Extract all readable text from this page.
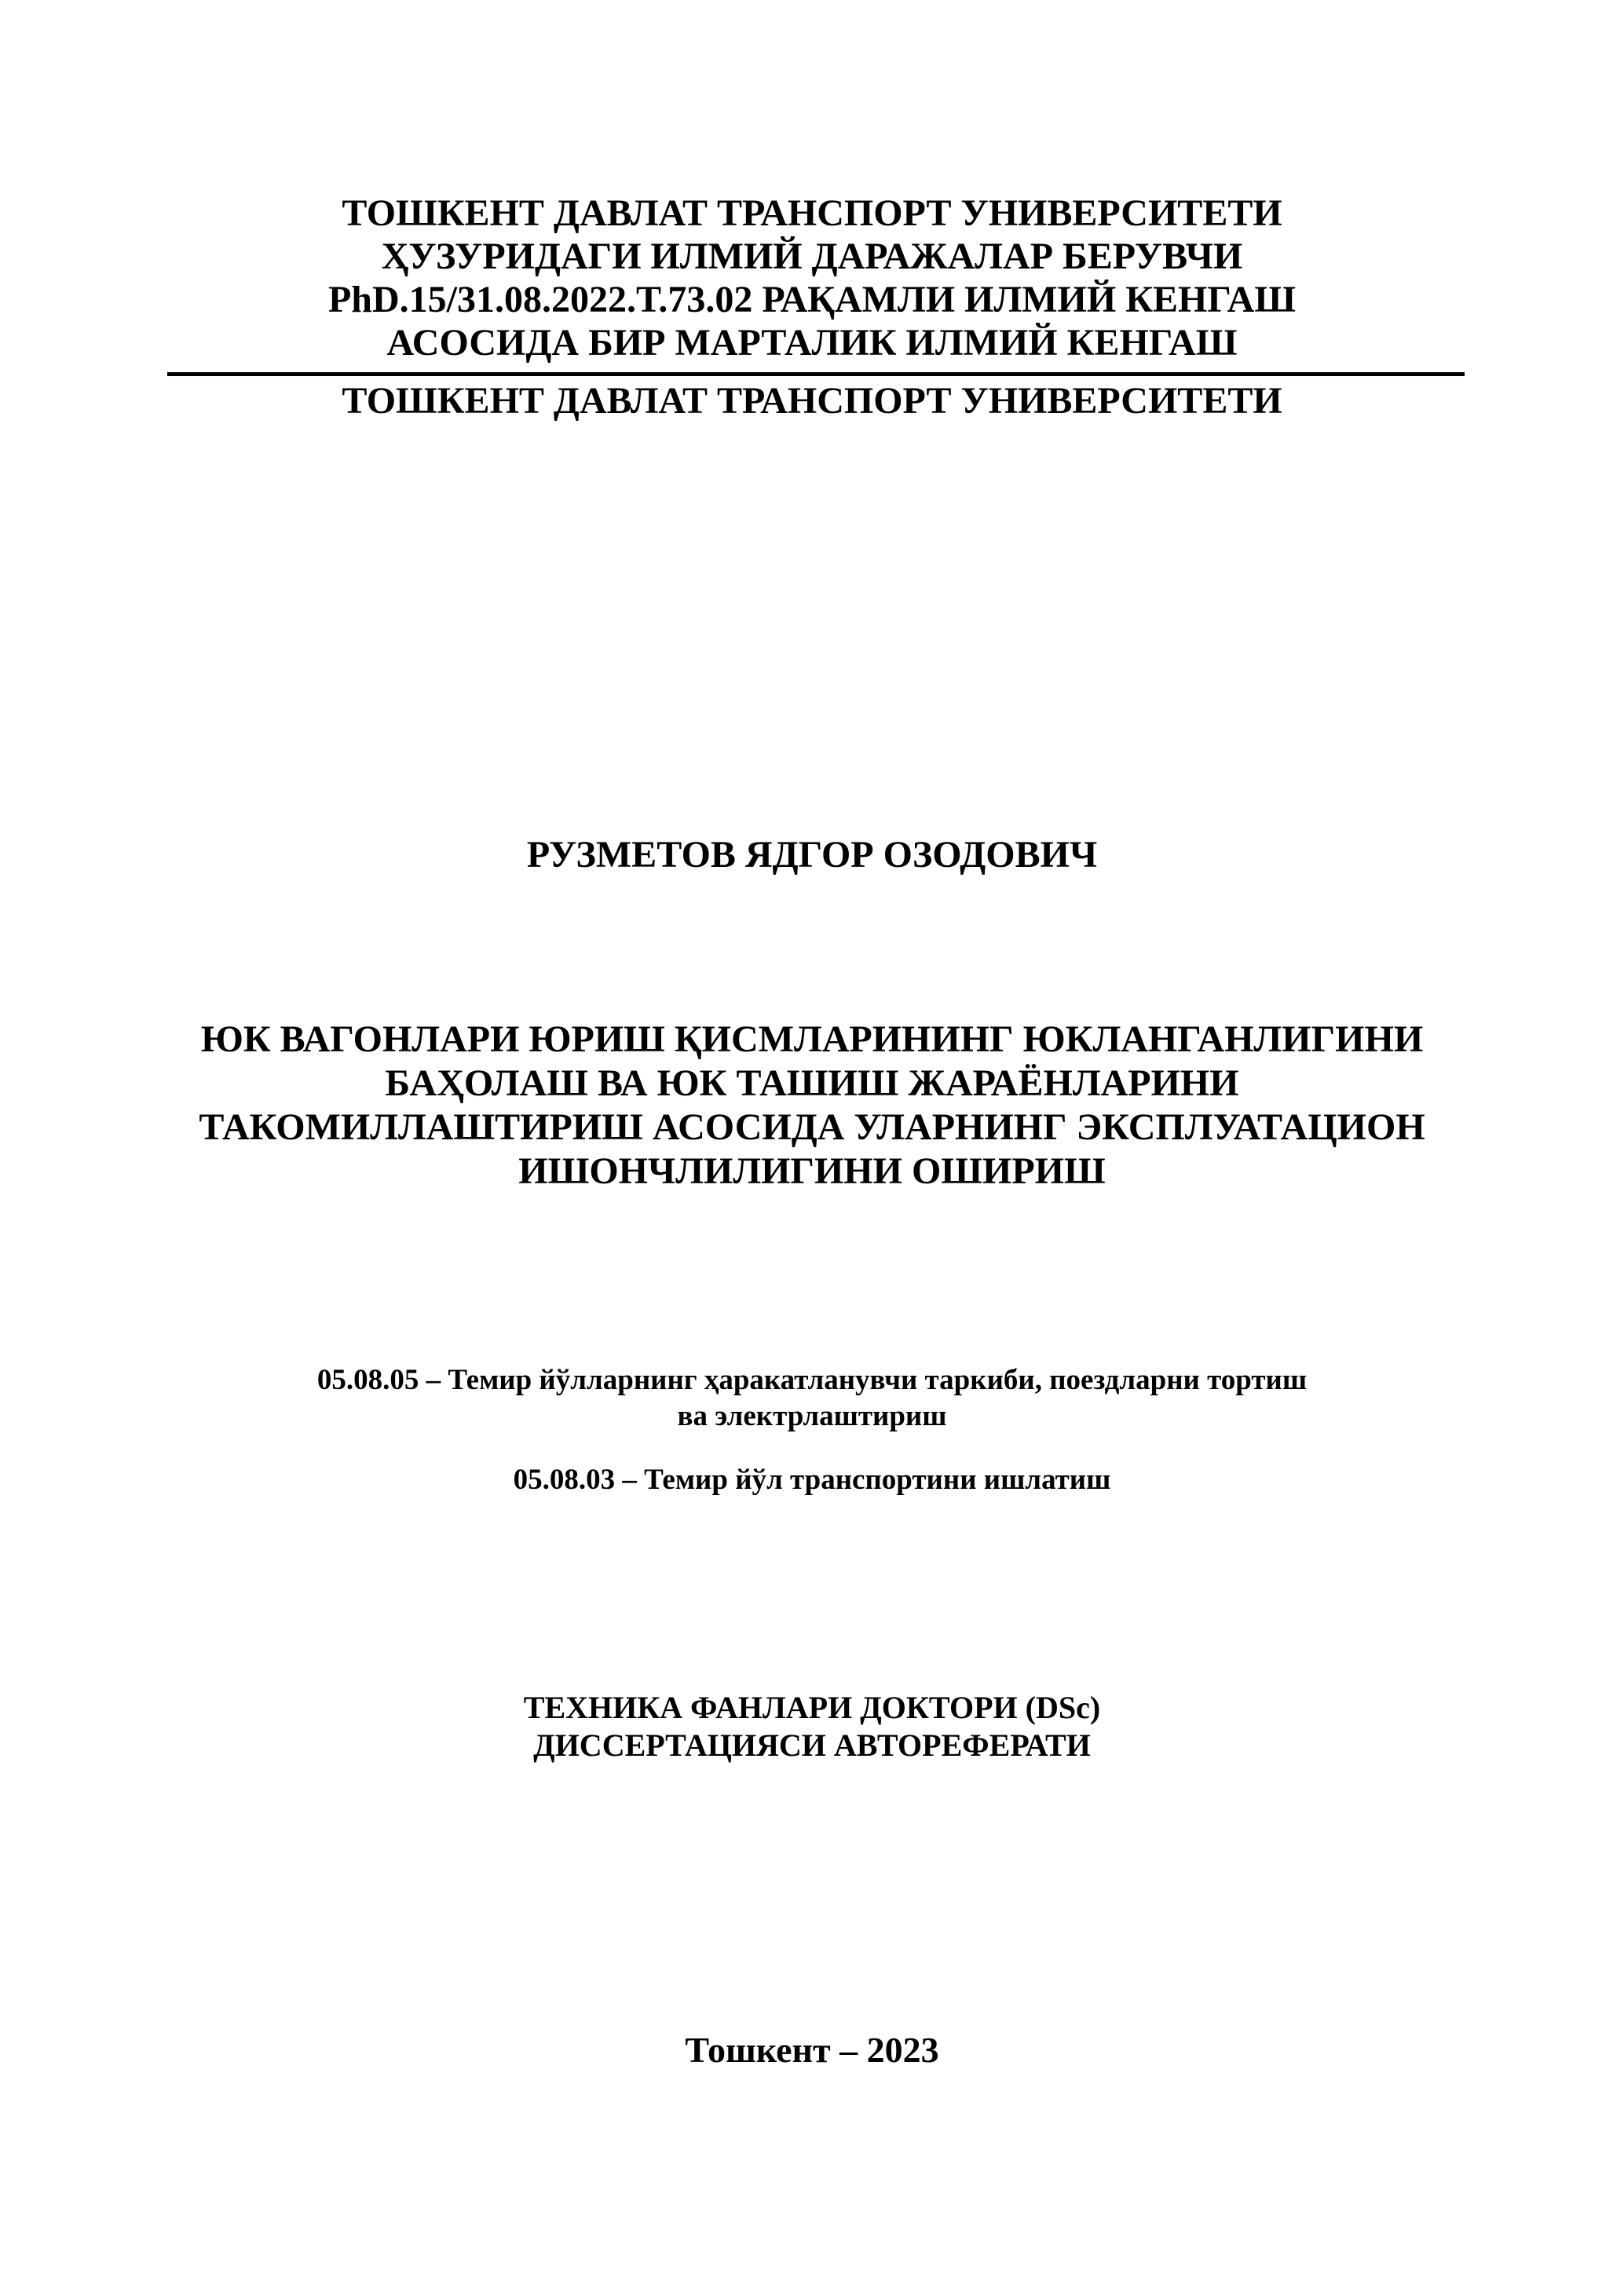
ТОШКЕНТ ДАВЛАТ ТРАНСПОРТ УНИВЕРСИТЕТИ
ҲУЗУРИДАГИ ИЛМИЙ ДАРАЖАЛАР БЕРУВЧИ
PhD.15/31.08.2022.T.73.02 РАҚАМЛИ ИЛМИЙ КЕНГАШ
АСОСИДА БИР МАРТАЛИК ИЛМИЙ КЕНГАШ
ТОШКЕНТ ДАВЛАТ ТРАНСПОРТ УНИВЕРСИТЕТИ
РУЗМЕТОВ ЯДГОР ОЗОДОВИЧ
ЮК ВАГОНЛАРИ ЮРИШ ҚИСМЛАРИНИНГ ЮКЛАНГАНЛИГИНИ
БАҲОЛАШ ВА ЮК ТАШИШ ЖАРАЁНЛАРИНИ
ТАКОМИЛЛАШТИРИШ АСОСИДА УЛАРНИНГ ЭКСПЛУАТАЦИОН
ИШОНЧЛИЛИГИНИ ОШИРИШ
05.08.05 – Темир йўлларнинг ҳаракатланувчи таркиби, поездларни тортиш
ва электрлаштириш
05.08.03 – Темир йўл транспортини ишлатиш
ТЕХНИКА ФАНЛАРИ ДОКТОРИ (DSc)
ДИССЕРТАЦИЯСИ АВТОРЕФЕРАТИ
Тошкент – 2023
